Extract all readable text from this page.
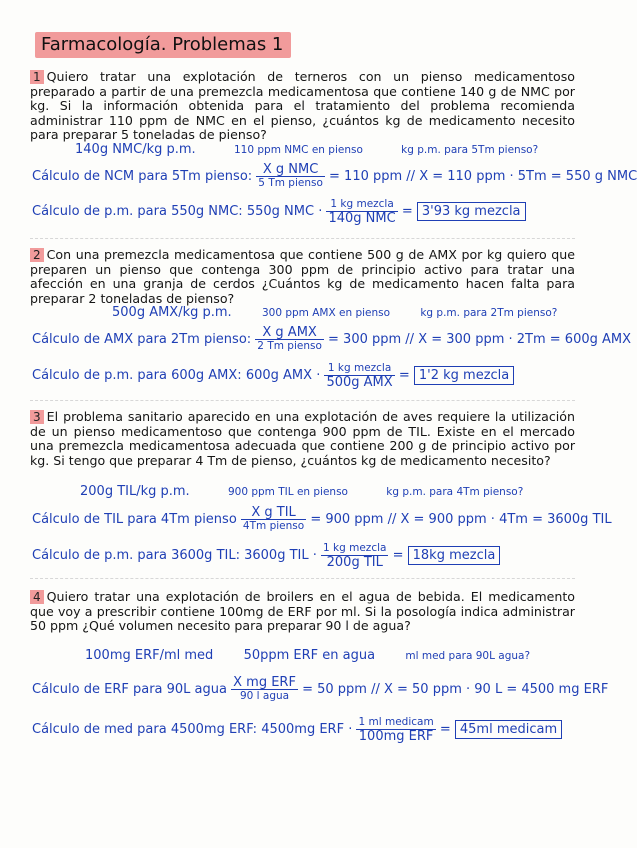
Farmacología. Problemas 1

1 Quiero tratar una explotación de terneros con un pienso medicamentoso preparado a partir de una premezcla medicamentosa que contiene 140 g de NMC por kg. Si la información obtenida para el tratamiento del problema recomienda administrar 110 ppm de NMC en el pienso, ¿cuántos kg de medicamento necesito para preparar 5 toneladas de pienso?

140g NMC/kg p.m.	110 ppm NMC en pienso	kg p.m. para 5Tm pienso?
Cálculo de NCM para 5Tm pienso: $\frac{\text{X g NMC}}{\text{5 Tm pienso}} = 110$ ppm // X = 110 ppm · 5Tm = 550 g NMC
Cálculo de p.m. para 550g NMC: 550g NMC · $\frac{\text{1 kg mezcla}}{\text{140g NMC}} = 3'93$ kg mezcla

2 Con una premezcla medicamentosa que contiene 500 g de AMX por kg quiero que preparen un pienso que contenga 300 ppm de principio activo para tratar una afección en una granja de cerdos ¿Cuántos kg de medicamento hacen falta para preparar 2 toneladas de pienso?

500g AMX/kg p.m.	300 ppm AMX en pienso	kg p.m. para 2Tm pienso?
Cálculo de AMX para 2Tm pienso: $\frac{\text{X g AMX}}{\text{2 Tm pienso}} = 300$ ppm // X = 300 ppm · 2Tm = 600g AMX
Cálculo de p.m. para 600g AMX: 600g AMX · $\frac{\text{1 kg mezcla}}{\text{500g AMX}} = 1'2$ kg mezcla

3 El problema sanitario aparecido en una explotación de aves requiere la utilización de un pienso medicamentoso que contenga 900 ppm de TIL. Existe en el mercado una premezcla medicamentosa adecuada que contiene 200 g de principio activo por kg. Si tengo que preparar 4 Tm de pienso, ¿cuántos kg de medicamento necesito?

200g TIL/kg p.m.	900 ppm TIL en pienso	kg p.m. para 4Tm pienso?
Cálculo de TIL para 4Tm pienso $\frac{\text{X g TIL}}{\text{4Tm pienso}} = 900$ ppm // X = 900 ppm · 4Tm = 3600g TIL
Cálculo de p.m. para 3600g TIL: 3600g TIL · $\frac{\text{1 kg mezcla}}{\text{200g TIL}} = 18kg$ mezcla

4 Quiero tratar una explotación de broilers en el agua de bebida. El medicamento que voy a prescribir contiene 100mg de ERF por ml. Si la posología indica administrar 50 ppm ¿Qué volumen necesito para preparar 90 l de agua?

100mg ERF/ml med 50ppm ERF en agua	ml med para 90L agua?
Cálculo de ERF para 90L agua $\frac{\text{X mg ERF}}{\text{90 l agua}} = 50$ ppm // X = 50 ppm · 90 L = 4500 mg ERF
Cálculo de med para 4500mg ERF: 4500mg ERF · $\frac{\text{1 ml medicam}}{\text{100mg ERF}} = 45ml$ medicam
